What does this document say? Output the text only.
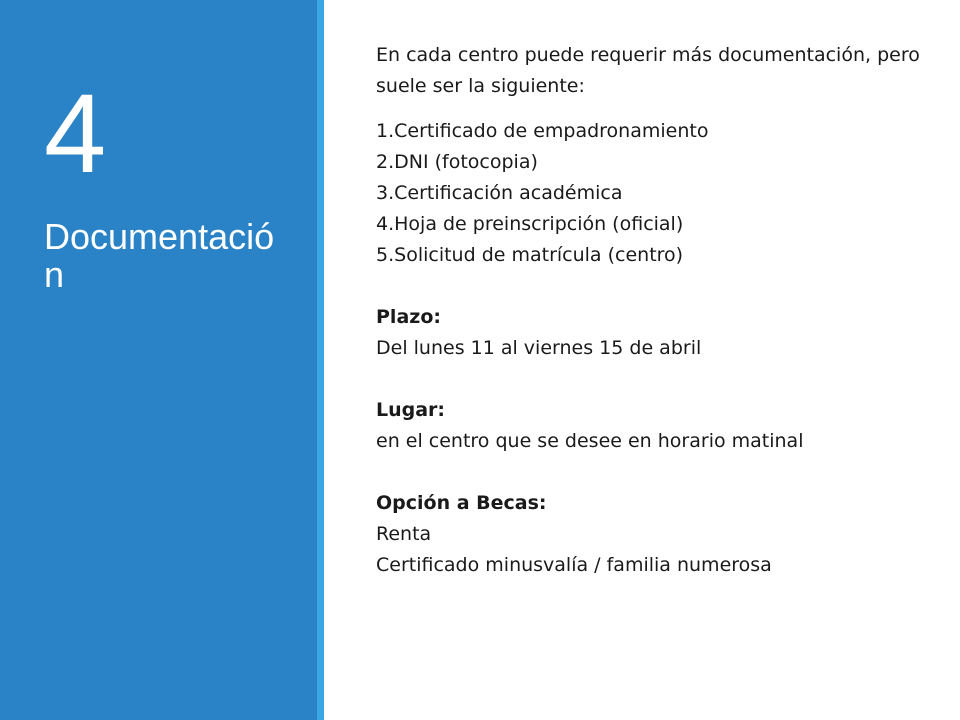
4
Documentación

En cada centro puede requerir más documentación, pero suele ser la siguiente:

1.Certificado de empadronamiento
2.DNI (fotocopia)
3.Certificación académica
4.Hoja de preinscripción (oficial)
5.Solicitud de matrícula (centro)

Plazo:

Del lunes 11 al viernes 15 de abril

Lugar:

en el centro que se desee en horario matinal

Opción a Becas:

Renta

Certificado minusvalía / familia numerosa
